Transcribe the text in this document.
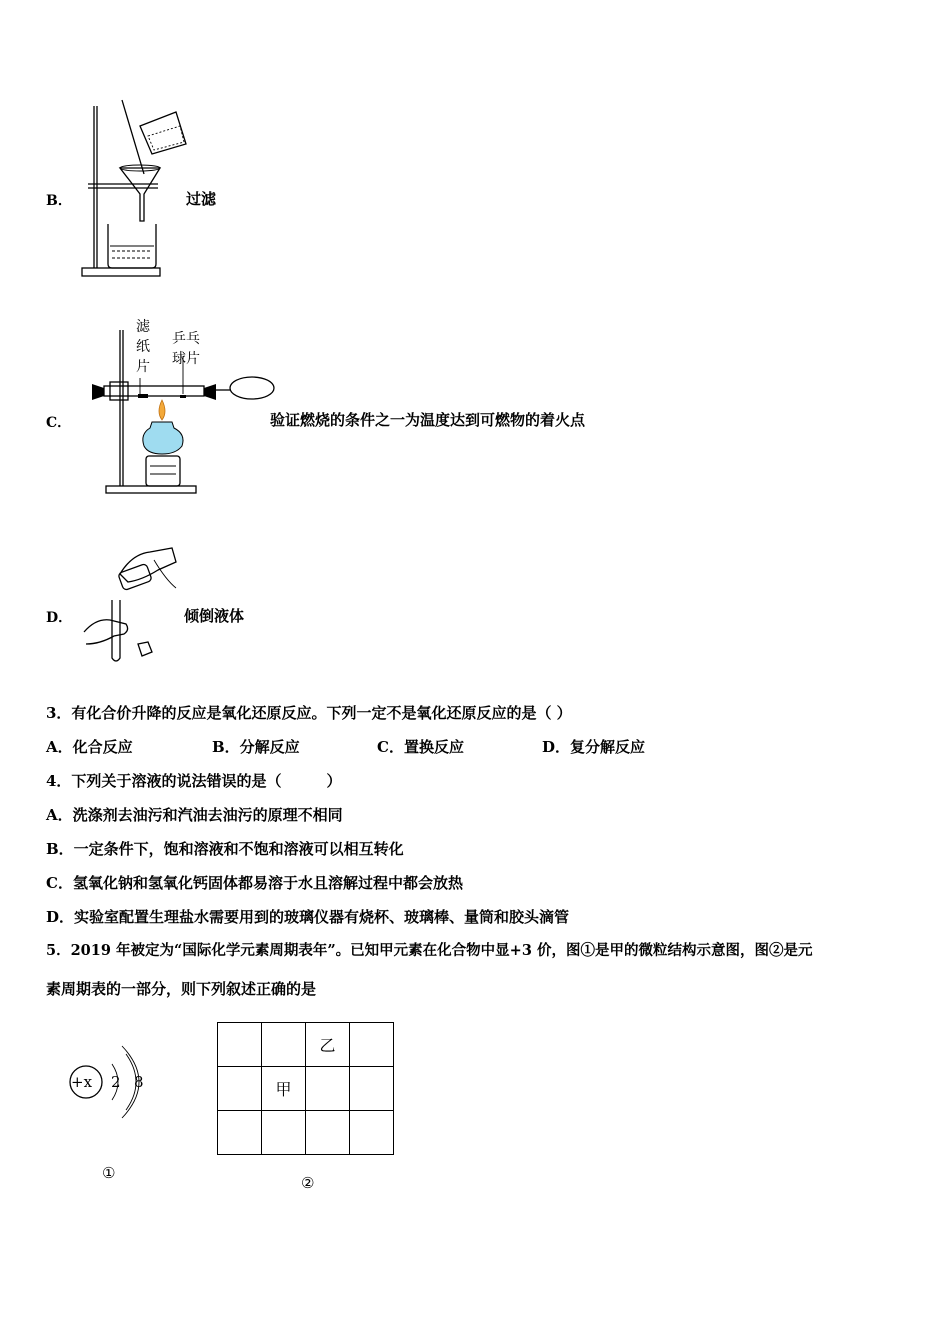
B．	过滤
C．
滤
纸
片
乒乓
球片
验证燃烧的条件之一为温度达到可燃物的着火点
D．	倾倒液体
3．有化合价升降的反应是氧化还原反应。下列一定不是氧化还原反应的是（ ）
A．化合反应	B．分解反应	C．置换反应	D．复分解反应
4．下列关于溶液的说法错误的是（　　　）
A．洗涤剂去油污和汽油去油污的原理不相同
B．一定条件下，饱和溶液和不饱和溶液可以相互转化
C．氢氧化钠和氢氧化钙固体都易溶于水且溶解过程中都会放热
D．实验室配置生理盐水需要用到的玻璃仪器有烧杯、玻璃棒、量筒和胶头滴管
5．2019 年被定为“国际化学元素周期表年”。已知甲元素在化合物中显+3 价，图①是甲的微粒结构示意图，图②是元
素周期表的一部分，则下列叙述正确的是
+x 2 8
①
		乙	
	甲		

②
